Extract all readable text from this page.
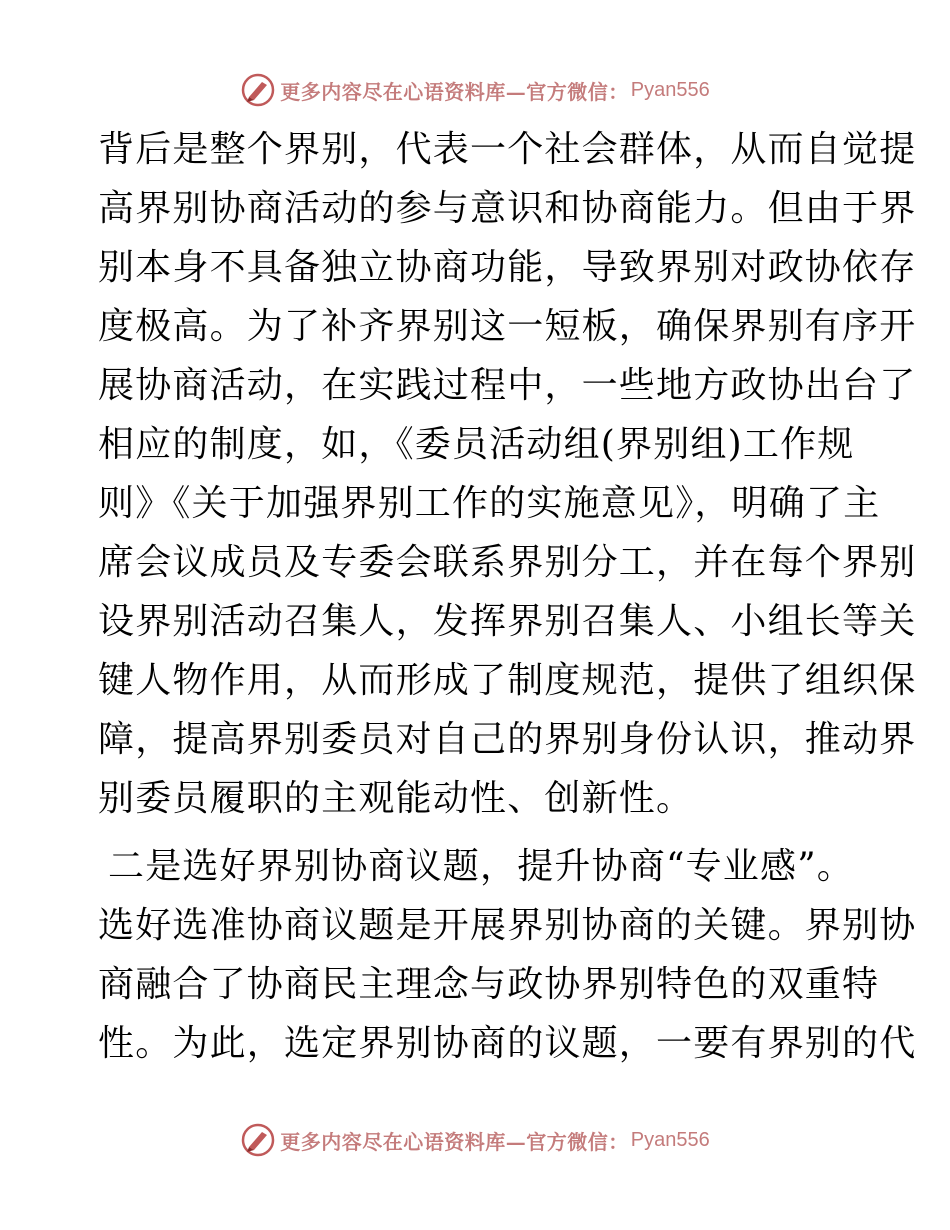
更多内容尽在心语资料库—官方微信： Pyan556
背后是整个界别，代表一个社会群体，从而自觉提
高界别协商活动的参与意识和协商能力。但由于界
别本身不具备独立协商功能，导致界别对政协依存
度极高。为了补齐界别这一短板，确保界别有序开
展协商活动，在实践过程中，一些地方政协出台了
相应的制度，如，《委员活动组(界别组)工作规
则》《关于加强界别工作的实施意见》，明确了主
席会议成员及专委会联系界别分工，并在每个界别
设界别活动召集人，发挥界别召集人、小组长等关
键人物作用，从而形成了制度规范，提供了组织保
障，提高界别委员对自己的界别身份认识，推动界
别委员履职的主观能动性、创新性。
二是选好界别协商议题，提升协商“专业感”。
选好选准协商议题是开展界别协商的关键。界别协
商融合了协商民主理念与政协界别特色的双重特
性。为此，选定界别协商的议题，一要有界别的代
更多内容尽在心语资料库—官方微信： Pyan556
